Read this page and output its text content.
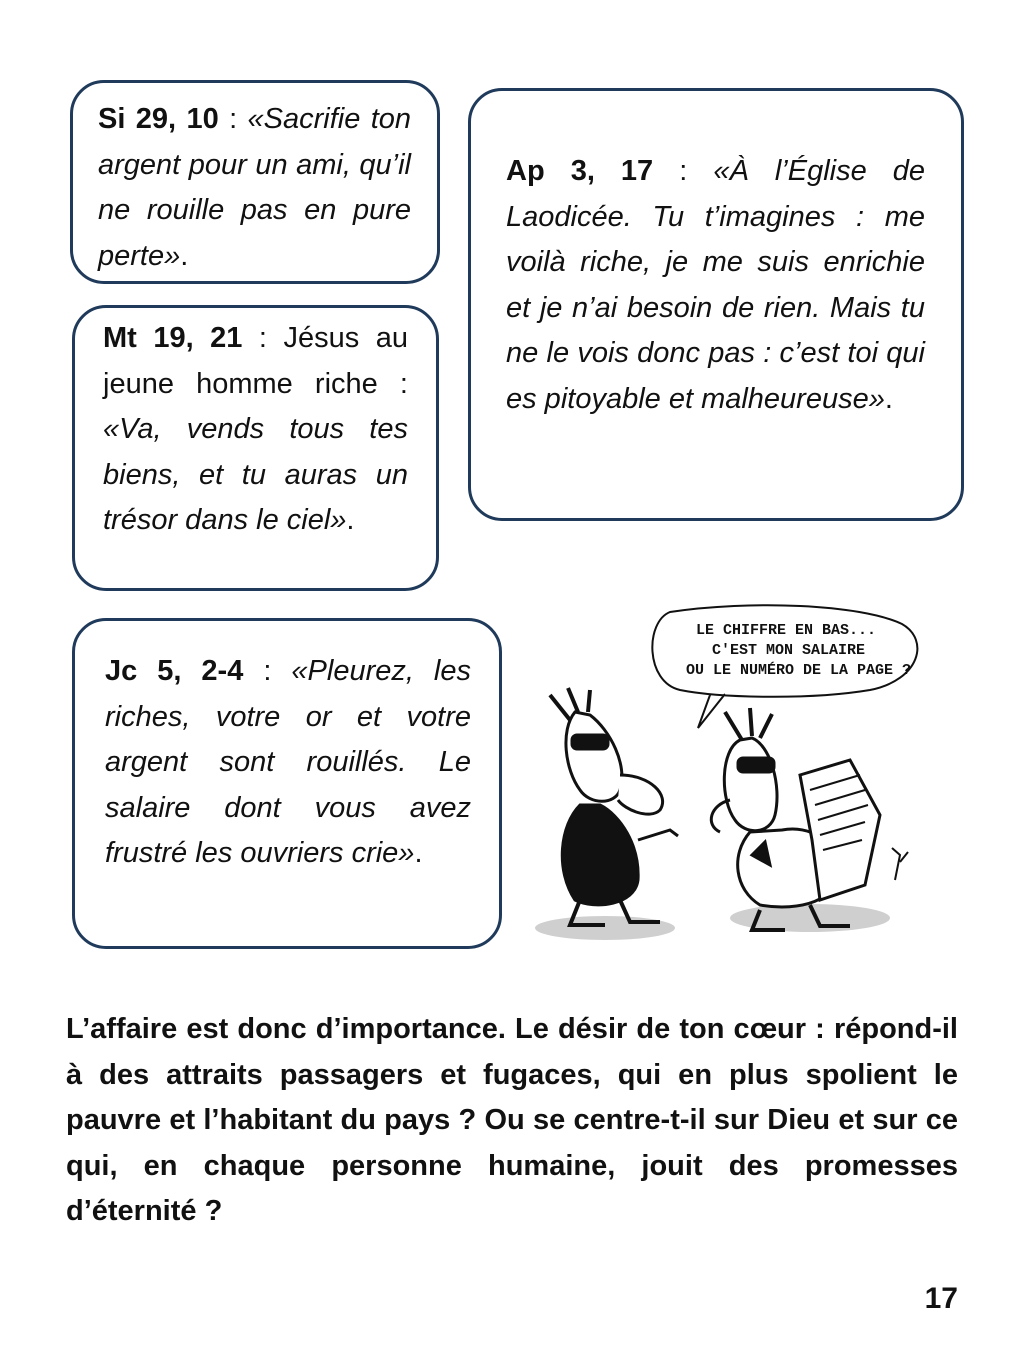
Si 29, 10 : «Sacrifie ton argent pour un ami, qu’il ne rouille pas en pure perte».

Ap 3, 17 : «À l’Église de Laodicée. Tu t’imagines : me voilà riche, je me suis enrichie et je n’ai besoin de rien. Mais tu ne le vois donc pas : c’est toi qui es pitoyable et malheureuse».

Mt 19, 21 : Jésus au jeune homme riche : «Va, vends tous tes biens, et tu auras un trésor dans le ciel».

Jc 5, 2-4 : «Pleurez, les riches, votre or et votre argent sont rouillés. Le salaire dont vous avez frustré les ouvriers crie».

LE CHIFFRE EN BAS...
C'EST MON SALAIRE
OU LE NUMÉRO DE LA PAGE ?

L’affaire est donc d’importance. Le désir de ton cœur : répond-il à des attraits passagers et fugaces, qui en plus spolient le pauvre et l’habitant du pays ? Ou se centre-t-il sur Dieu et sur ce qui, en chaque personne humaine, jouit des promesses d’éternité ?

17
